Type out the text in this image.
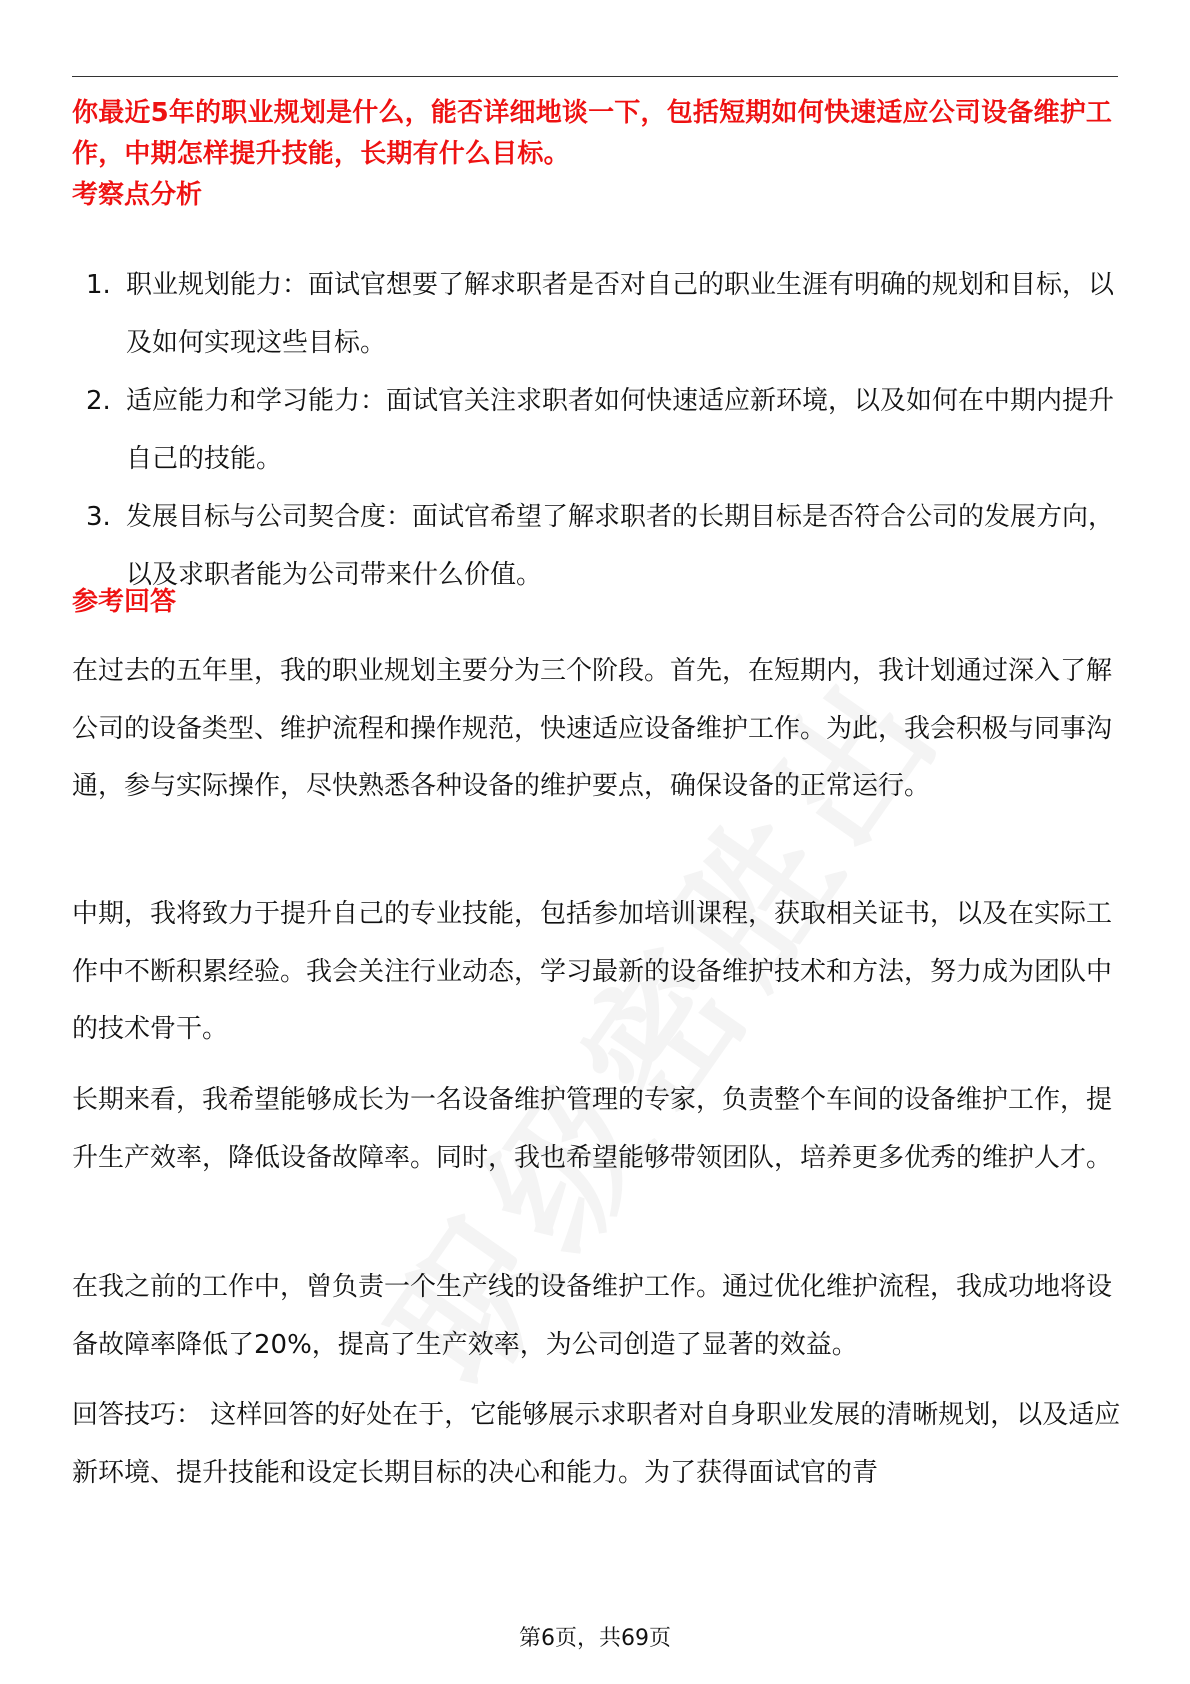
你最近5年的职业规划是什么，能否详细地谈一下，包括短期如何快速适应公司设备维护工作，中期怎样提升技能，长期有什么目标。
考察点分析
1. 职业规划能力：面试官想要了解求职者是否对自己的职业生涯有明确的规划和目标，以及如何实现这些目标。
2. 适应能力和学习能力：面试官关注求职者如何快速适应新环境，以及如何在中期内提升自己的技能。
3. 发展目标与公司契合度：面试官希望了解求职者的长期目标是否符合公司的发展方向，以及求职者能为公司带来什么价值。
参考回答

在过去的五年里，我的职业规划主要分为三个阶段。首先，在短期内，我计划通过深入了解公司的设备类型、维护流程和操作规范，快速适应设备维护工作。为此，我会积极与同事沟通，参与实际操作，尽快熟悉各种设备的维护要点，确保设备的正常运行。

中期，我将致力于提升自己的专业技能，包括参加培训课程，获取相关证书，以及在实际工作中不断积累经验。我会关注行业动态，学习最新的设备维护技术和方法，努力成为团队中的技术骨干。

长期来看，我希望能够成长为一名设备维护管理的专家，负责整个车间的设备维护工作，提升生产效率，降低设备故障率。同时，我也希望能够带领团队，培养更多优秀的维护人才。

在我之前的工作中，曾负责一个生产线的设备维护工作。通过优化维护流程，我成功地将设备故障率降低了20%，提高了生产效率，为公司创造了显著的效益。

回答技巧： 这样回答的好处在于，它能够展示求职者对自身职业发展的清晰规划，以及适应新环境、提升技能和设定长期目标的决心和能力。为了获得面试官的青

第6页，共69页
